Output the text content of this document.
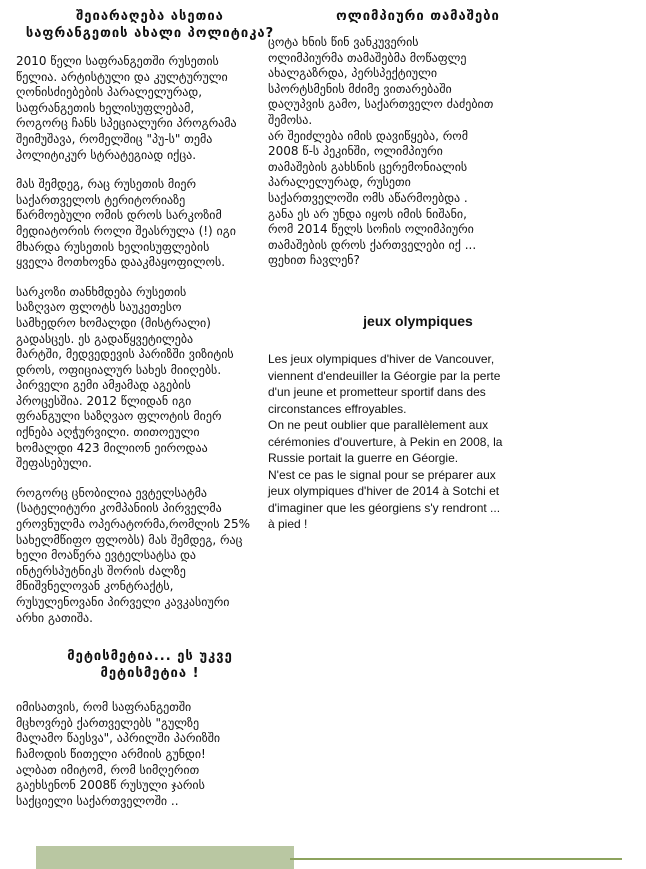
შეიარაღება ასეთია
საფრანგეთის ახალი პოლიტიკა?

2010 წელი საფრანგეთში რუსეთის
წელია. არტისტული და კულტურული
ღონისძიებების პარალელურად,
საფრანგეთის ხელისუფლებამ,
როგორც ჩანს სპეციალური პროგრამა
შეიმუშავა, რომელშიც "პუ-ს" თემა
პოლიტიკურ სტრატეგიად იქცა.

მას შემდეგ, რაც რუსეთის მიერ
საქართველოს ტერიტორიაზე
წარმოებული ომის დროს სარკოზიმ
მედიატორის როლი შეასრულა (!) იგი
მხარდა რუსეთის ხელისუფლების
ყველა მოთხოვნა დააკმაყოფილოს.

სარკოზი თანხმდება რუსეთის
საზღვაო ფლოტს საუკეთესო
სამხედრო ხომალდი (მისტრალი)
გადასცეს. ეს გადაწყვეტილება
მარტში, მედვედევის პარიზში ვიზიტის
დროს, ოფიციალურ სახეს მიიღებს.
პირველი გემი ამჟამად აგების
პროცესშია. 2012 წლიდან იგი
ფრანგული საზღვაო ფლოტის მიერ
იქნება აღჭურვილი. თითოეული
ხომალდი 423 მილიონ ეიროდაა
შეფასებული.

როგორც ცნობილია ევტელსატმა
(სატელიტური კომპანიის პირველმა
ეროვნულმა ოპერატორმა,რომლის 25%
სახელმწიფო ფლობს) მას შემდეგ, რაც
ხელი მოაწერა ევტელსატსა და
ინტერსპუტნიკს შორის ძალზე
მნიშვნელოვან კონტრაქტს,
რუსულენოვანი პირველი კავკასიური
არხი გათიშა.

მეტისმეტია... ეს უკვე
მეტისმეტია !

იმისათვის, რომ საფრანგეთში
მცხოვრებ ქართველებს "გულზე
მალამო წაესვა", აპრილში პარიზში
ჩამოდის წითელი არმიის გუნდი!
ალბათ იმიტომ, რომ სიმღერით
გაეხსენონ 2008წ რუსული ჯარის
საქციელი საქართველოში ..

ოლიმპიური თამაშები

ცოტა ხნის წინ ვანკუვერის
ოლიმპიურმა თამაშებმა მოწაფლე
ახალგაზრდა, პერსპექტიული
სპორტსმენის მძიმე ვითარებაში
დაღუპვის გამო, საქართველო ძაძებით
შემოსა.
არ შეიძლება იმის დავიწყება, რომ
2008 წ-ს პეკინში, ოლიმპიური
თამაშების გახსნის ცერემონიალის
პარალელურად, რუსეთი
საქართველოში ომს აწარმოებდა .
განა ეს არ უნდა იყოს იმის ნიშანი,
რომ 2014 წელს სოჩის ოლიმპიური
თამაშების დროს ქართველები იქ ...
ფეხით ჩავლენ?

jeux olympiques

Les jeux olympiques d'hiver de Vancouver,
viennent d'endeuiller la Géorgie par la perte
d'un jeune et prometteur sportif dans des
circonstances effroyables.
On ne peut oublier que parallèlement aux
cérémonies d'ouverture, à Pekin en 2008, la
Russie portait la guerre en Géorgie.
N'est ce pas le signal pour se préparer aux
jeux olympiques d'hiver de 2014 à Sotchi et
d'imaginer que les géorgiens s'y rendront ...
à pied !
